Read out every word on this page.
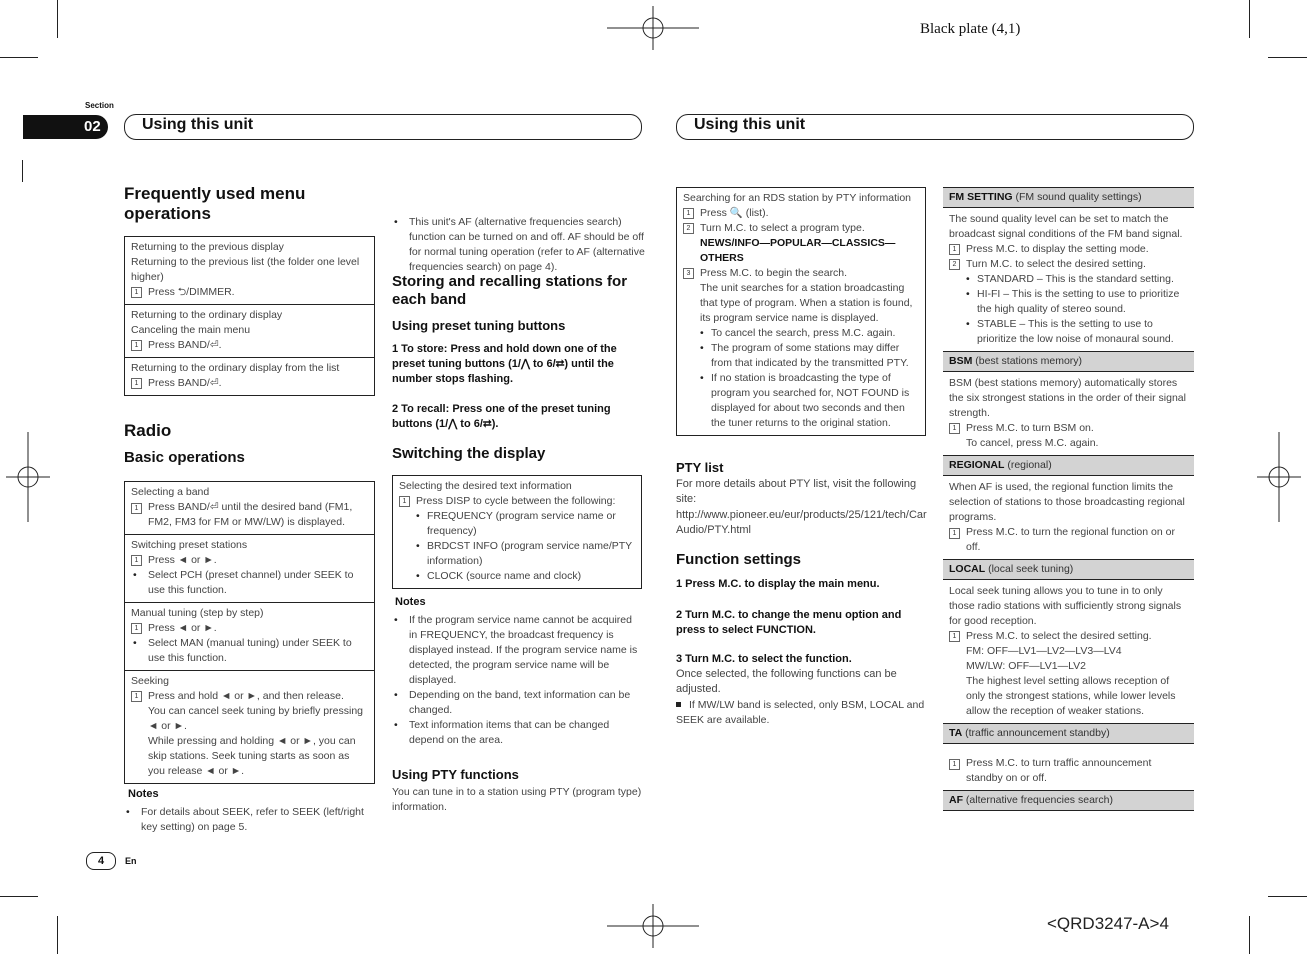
Black plate (4,1)
Section
02	Using this unit	Using this unit
Frequently used menu operations
Returning to the previous display
Returning to the previous list (the folder one level higher)
1 Press ⮌/DIMMER.
Returning to the ordinary display
Canceling the main menu
1 Press BAND/⏎.
Returning to the ordinary display from the list
1 Press BAND/⏎.
Radio
Basic operations
Selecting a band
1 Press BAND/⏎ until the desired band (FM1, FM2, FM3 for FM or MW/LW) is displayed.
Switching preset stations
1 Press ◄ or ►.
• Select PCH (preset channel) under SEEK to use this function.
Manual tuning (step by step)
1 Press ◄ or ►.
• Select MAN (manual tuning) under SEEK to use this function.
Seeking
1 Press and hold ◄ or ►, and then release.
You can cancel seek tuning by briefly pressing ◄ or ►.
While pressing and holding ◄ or ►, you can skip stations. Seek tuning starts as soon as you release ◄ or ►.
Notes
• For details about SEEK, refer to SEEK (left/right key setting) on page 5.
• This unit's AF (alternative frequencies search) function can be turned on and off. AF should be off for normal tuning operation (refer to AF (alternative frequencies search) on page 4).
Storing and recalling stations for each band
Using preset tuning buttons
1 To store: Press and hold down one of the preset tuning buttons (1/⋀ to 6/⮂) until the number stops flashing.
2 To recall: Press one of the preset tuning buttons (1/⋀ to 6/⮂).
Switching the display
Selecting the desired text information
1 Press DISP to cycle between the following:
• FREQUENCY (program service name or frequency)
• BRDCST INFO (program service name/PTY information)
• CLOCK (source name and clock)
Notes
• If the program service name cannot be acquired in FREQUENCY, the broadcast frequency is displayed instead. If the program service name is detected, the program service name will be displayed.
• Depending on the band, text information can be changed.
• Text information items that can be changed depend on the area.
Using PTY functions
You can tune in to a station using PTY (program type) information.
Searching for an RDS station by PTY information
1 Press 🔍 (list).
2 Turn M.C. to select a program type.
NEWS/INFO—POPULAR—CLASSICS—OTHERS
3 Press M.C. to begin the search.
The unit searches for a station broadcasting that type of program. When a station is found, its program service name is displayed.
• To cancel the search, press M.C. again.
• The program of some stations may differ from that indicated by the transmitted PTY.
• If no station is broadcasting the type of program you searched for, NOT FOUND is displayed for about two seconds and then the tuner returns to the original station.
PTY list
For more details about PTY list, visit the following site:
http://www.pioneer.eu/eur/products/25/121/tech/CarAudio/PTY.html
Function settings
1 Press M.C. to display the main menu.
2 Turn M.C. to change the menu option and press to select FUNCTION.
3 Turn M.C. to select the function.
Once selected, the following functions can be adjusted.
If MW/LW band is selected, only BSM, LOCAL and SEEK are available.
FM SETTING (FM sound quality settings)
The sound quality level can be set to match the broadcast signal conditions of the FM band signal.
1 Press M.C. to display the setting mode.
2 Turn M.C. to select the desired setting.
• STANDARD – This is the standard setting.
• HI-FI – This is the setting to use to prioritize the high quality of stereo sound.
• STABLE – This is the setting to use to prioritize the low noise of monaural sound.
BSM (best stations memory)
BSM (best stations memory) automatically stores the six strongest stations in the order of their signal strength.
1 Press M.C. to turn BSM on.
To cancel, press M.C. again.
REGIONAL (regional)
When AF is used, the regional function limits the selection of stations to those broadcasting regional programs.
1 Press M.C. to turn the regional function on or off.
LOCAL (local seek tuning)
Local seek tuning allows you to tune in to only those radio stations with sufficiently strong signals for good reception.
1 Press M.C. to select the desired setting.
FM: OFF—LV1—LV2—LV3—LV4
MW/LW: OFF—LV1—LV2
The highest level setting allows reception of only the strongest stations, while lower levels allow the reception of weaker stations.
TA (traffic announcement standby)
1 Press M.C. to turn traffic announcement standby on or off.
AF (alternative frequencies search)
4	En
<QRD3247-A>4
